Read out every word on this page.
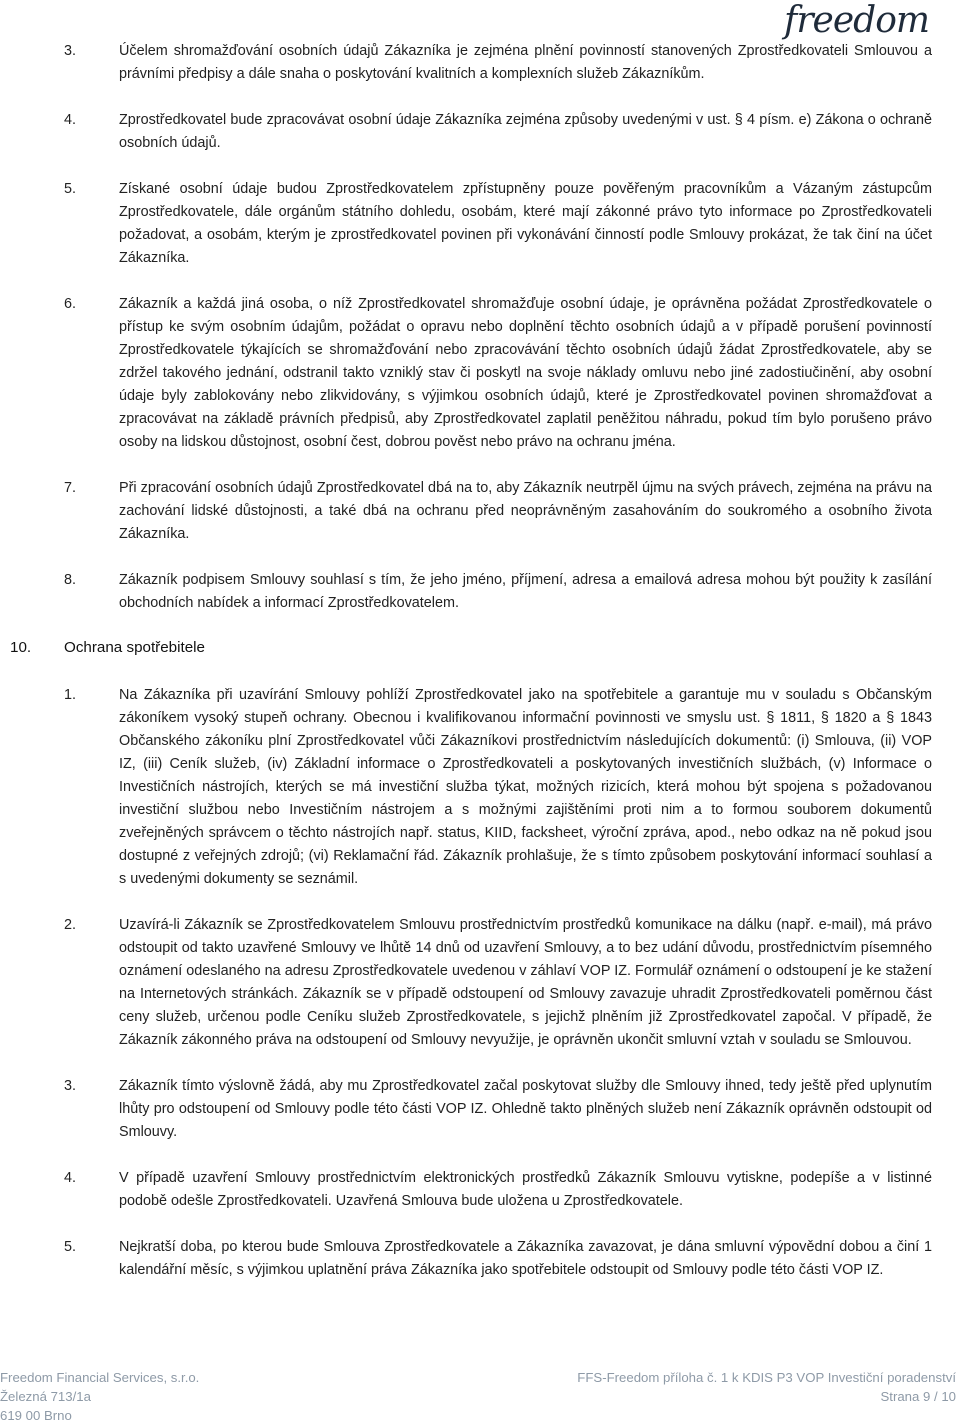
freedom
3.	Účelem shromažďování osobních údajů Zákazníka je zejména plnění povinností stanovených Zprostředkovateli Smlouvou a právními předpisy a dále snaha o poskytování kvalitních a komplexních služeb Zákazníkům.
4.	Zprostředkovatel bude zpracovávat osobní údaje Zákazníka zejména způsoby uvedenými v ust. § 4 písm. e) Zákona o ochraně osobních údajů.
5.	Získané osobní údaje budou Zprostředkovatelem zpřístupněny pouze pověřeným pracovníkům a Vázaným zástupcům Zprostředkovatele, dále orgánům státního dohledu, osobám, které mají zákonné právo tyto informace po Zprostředkovateli požadovat, a osobám, kterým je zprostředkovatel povinen při vykonávání činností podle Smlouvy prokázat, že tak činí na účet Zákazníka.
6.	Zákazník a každá jiná osoba, o níž Zprostředkovatel shromažďuje osobní údaje, je oprávněna požádat Zprostředkovatele o přístup ke svým osobním údajům, požádat o opravu nebo doplnění těchto osobních údajů a v případě porušení povinností Zprostředkovatele týkajících se shromažďování nebo zpracovávání těchto osobních údajů žádat Zprostředkovatele, aby se zdržel takového jednání, odstranil takto vzniklý stav či poskytl na svoje náklady omluvu nebo jiné zadostiučinění, aby osobní údaje byly zablokovány nebo zlikvidovány, s výjimkou osobních údajů, které je Zprostředkovatel povinen shromažďovat a zpracovávat na základě právních předpisů, aby Zprostředkovatel zaplatil peněžitou náhradu, pokud tím bylo porušeno právo osoby na lidskou důstojnost, osobní čest, dobrou pověst nebo právo na ochranu jména.
7.	Při zpracování osobních údajů Zprostředkovatel dbá na to, aby Zákazník neutrpěl újmu na svých právech, zejména na právu na zachování lidské důstojnosti, a také dbá na ochranu před neoprávněným zasahováním do soukromého a osobního života Zákazníka.
8.	Zákazník podpisem Smlouvy souhlasí s tím, že jeho jméno, příjmení, adresa a emailová adresa mohou být použity k zasílání obchodních nabídek a informací Zprostředkovatelem.
10. Ochrana spotřebitele
1.	Na Zákazníka při uzavírání Smlouvy pohlíží Zprostředkovatel jako na spotřebitele a garantuje mu v souladu s Občanským zákoníkem vysoký stupeň ochrany. Obecnou i kvalifikovanou informační povinnosti ve smyslu ust. § 1811, § 1820 a § 1843 Občanského zákoníku plní Zprostředkovatel vůči Zákazníkovi prostřednictvím následujících dokumentů: (i) Smlouva, (ii) VOP IZ, (iii) Ceník služeb, (iv) Základní informace o Zprostředkovateli a poskytovaných investičních službách, (v) Informace o Investičních nástrojích, kterých se má investiční služba týkat, možných rizicích, která mohou být spojena s požadovanou investiční službou nebo Investičním nástrojem a s možnými zajištěními proti nim a to formou souborem dokumentů zveřejněných správcem o těchto nástrojích např. status, KIID, facksheet, výroční zpráva, apod., nebo odkaz na ně pokud jsou dostupné z veřejných zdrojů; (vi) Reklamační řád. Zákazník prohlašuje, že s tímto způsobem poskytování informací souhlasí a s uvedenými dokumenty se seznámil.
2.	Uzavírá-li Zákazník se Zprostředkovatelem Smlouvu prostřednictvím prostředků komunikace na dálku (např. e-mail), má právo odstoupit od takto uzavřené Smlouvy ve lhůtě 14 dnů od uzavření Smlouvy, a to bez udání důvodu, prostřednictvím písemného oznámení odeslaného na adresu Zprostředkovatele uvedenou v záhlaví VOP IZ. Formulář oznámení o odstoupení je ke stažení na Internetových stránkách. Zákazník se v případě odstoupení od Smlouvy zavazuje uhradit Zprostředkovateli poměrnou část ceny služeb, určenou podle Ceníku služeb Zprostředkovatele, s jejichž plněním již Zprostředkovatel započal. V případě, že Zákazník zákonného práva na odstoupení od Smlouvy nevyužije, je oprávněn ukončit smluvní vztah v souladu se Smlouvou.
3.	Zákazník tímto výslovně žádá, aby mu Zprostředkovatel začal poskytovat služby dle Smlouvy ihned, tedy ještě před uplynutím lhůty pro odstoupení od Smlouvy podle této části VOP IZ. Ohledně takto plněných služeb není Zákazník oprávněn odstoupit od Smlouvy.
4.	V případě uzavření Smlouvy prostřednictvím elektronických prostředků Zákazník Smlouvu vytiskne, podepíše a v listinné podobě odešle Zprostředkovateli. Uzavřená Smlouva bude uložena u Zprostředkovatele.
5.	Nejkratší doba, po kterou bude Smlouva Zprostředkovatele a Zákazníka zavazovat, je dána smluvní výpovědní dobou a činí 1 kalendářní měsíc, s výjimkou uplatnění práva Zákazníka jako spotřebitele odstoupit od Smlouvy podle této části VOP IZ.
Freedom Financial Services, s.r.o.
Železná 713/1a
619 00 Brno
FFS-Freedom příloha č. 1 k KDIS P3 VOP Investiční poradenství
Strana 9 / 10
